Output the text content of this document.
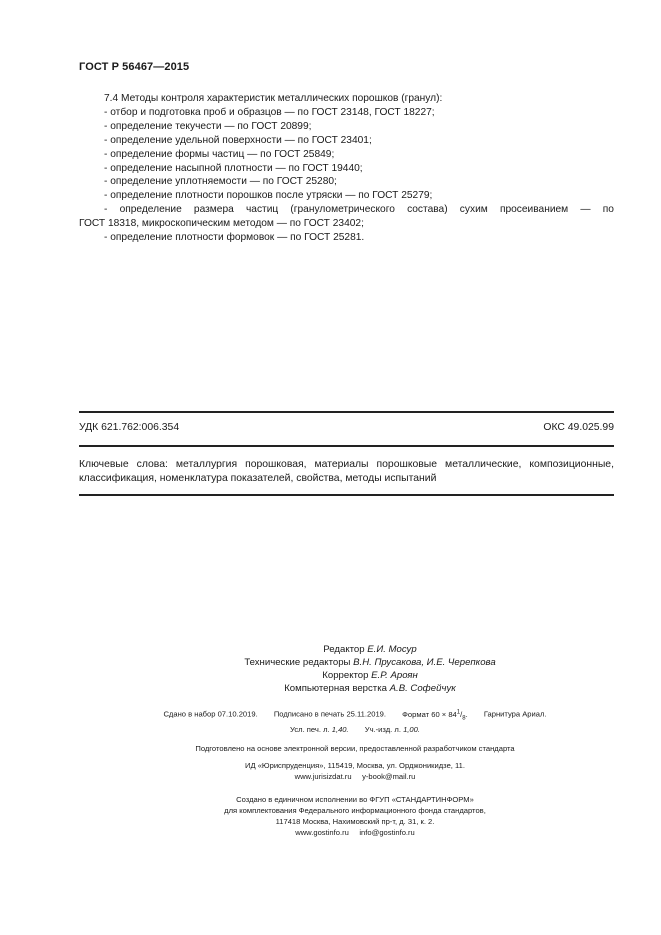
ГОСТ Р 56467—2015
7.4 Методы контроля характеристик металлических порошков (гранул):
- отбор и подготовка проб и образцов — по ГОСТ 23148, ГОСТ 18227;
- определение текучести — по ГОСТ 20899;
- определение удельной поверхности — по ГОСТ 23401;
- определение формы частиц — по ГОСТ 25849;
- определение насыпной плотности — по ГОСТ 19440;
- определение уплотняемости — по ГОСТ 25280;
- определение плотности порошков после утряски — по ГОСТ 25279;
- определение размера частиц (гранулометрического состава) сухим просеиванием — по
ГОСТ 18318, микроскопическим методом — по ГОСТ 23402;
- определение плотности формовок — по ГОСТ 25281.
УДК 621.762:006.354	ОКС 49.025.99
Ключевые слова: металлургия порошковая, материалы порошковые металлические, композиционные,
классификация, номенклатура показателей, свойства, методы испытаний
Редактор Е.И. Мосур
Технические редакторы В.Н. Прусакова, И.Е. Черепкова
Корректор Е.Р. Ароян
Компьютерная верстка А.В. Софейчук
Сдано в набор 07.10.2019. Подписано в печать 25.11.2019. Формат $60 \times 84^1/_8$. Гарнитура Ариал.
Усл. печ. л. 1,40. Уч.-изд. л. 1,00.
Подготовлено на основе электронной версии, предоставленной разработчиком стандарта
ИД «Юриспруденция», 115419, Москва, ул. Орджоникидзе, 11.
www.jurisizdat.ru     y-book@mail.ru
Создано в единичном исполнении во ФГУП «СТАНДАРТИНФОРМ»
для комплектования Федерального информационного фонда стандартов,
117418 Москва, Нахимовский пр-т, д. 31, к. 2.
www.gostinfo.ru     info@gostinfo.ru
